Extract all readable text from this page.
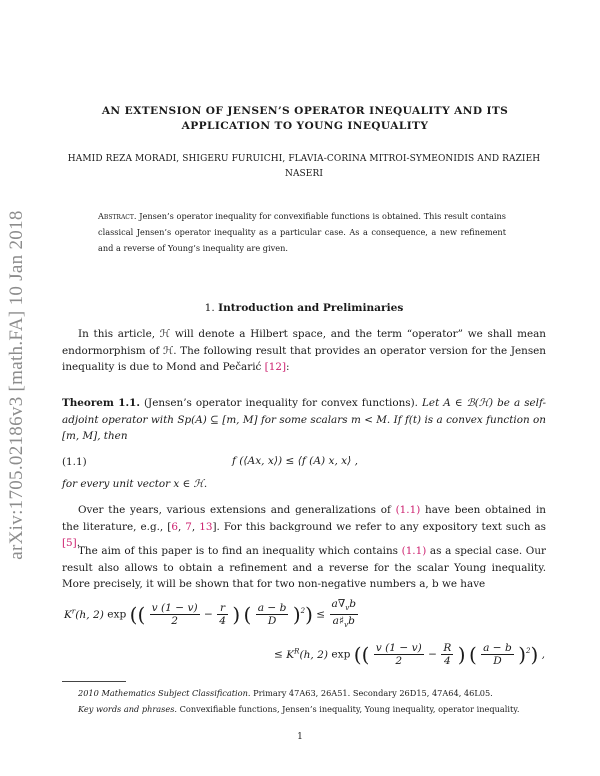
arXiv:1705.02186v3 [math.FA] 10 Jan 2018
AN EXTENSION OF JENSEN’S OPERATOR INEQUALITY AND ITS
APPLICATION TO YOUNG INEQUALITY
HAMID REZA MORADI, SHIGERU FURUICHI, FLAVIA-CORINA MITROI-SYMEONIDIS AND RAZIEH
NASERI
Abstract. Jensen’s operator inequality for convexifiable functions is obtained. This result contains classical Jensen’s operator inequality as a particular case. As a consequence, a new refinement and a reverse of Young’s inequality are given.
1. Introduction and Preliminaries
In this article, ℋ will denote a Hilbert space, and the term “operator” we shall mean endormorphism of ℋ. The following result that provides an operator version for the Jensen inequality is due to Mond and Pečarić [12]:
Theorem 1.1. (Jensen’s operator inequality for convex functions). Let A ∈ ℬ(ℋ) be a self-adjoint operator with Sp(A) ⊆ [m, M] for some scalars m < M. If f(t) is a convex function on [m, M], then
(1.1)	f (⟨Ax, x⟩) ≤ ⟨f (A) x, x⟩ ,
for every unit vector x ∈ ℋ.
Over the years, various extensions and generalizations of (1.1) have been obtained in the literature, e.g., [6, 7, 13]. For this background we refer to any expository text such as [5].
The aim of this paper is to find an inequality which contains (1.1) as a special case. Our result also allows to obtain a refinement and a reverse for the scalar Young inequality. More precisely, it will be shown that for two non-negative numbers a, b we have
$K^r(h$, 2) exp (( $\frac{v (1 - v)}{2} - \frac{r}{4}$ ) ( $\frac{a - b}{D} )^2) \le \frac{a\nabla_vb}{a♯_vb}$
≤ $K^R(h$, 2) exp (( $\frac{v (1 - v)}{2} - \frac{R}{4}$ ) ( $\frac{a - b}{D} )^2$) ,
2010 Mathematics Subject Classification. Primary 47A63, 26A51. Secondary 26D15, 47A64, 46L05.
Key words and phrases. Convexifiable functions, Jensen’s inequality, Young inequality, operator inequality.
1
